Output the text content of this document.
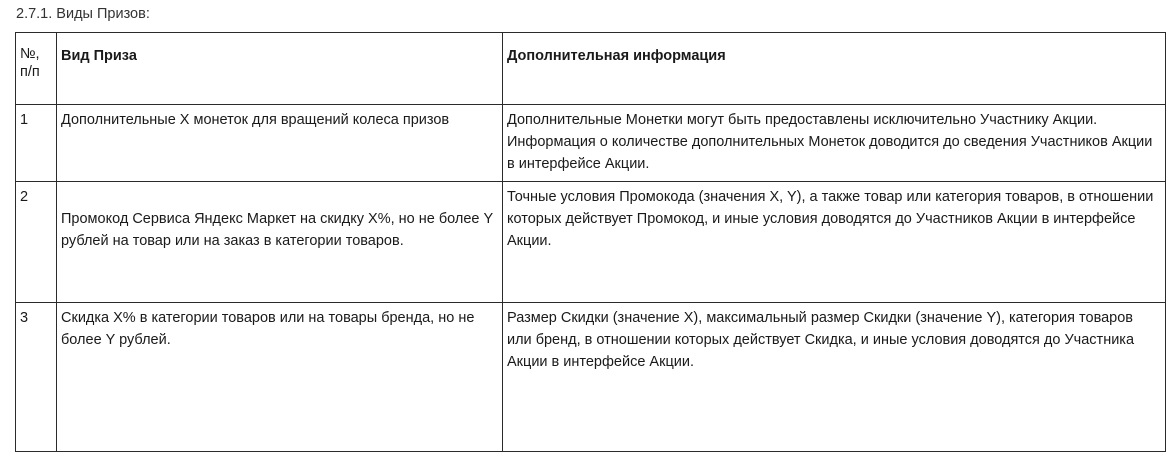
2.7.1. Виды Призов:
№, п/п	Вид Приза	Дополнительная информация
1	Дополнительные X монеток для вращений колеса призов	Дополнительные Монетки могут быть предоставлены исключительно Участнику Акции. Информация о количестве дополнительных Монеток доводится до сведения Участников Акции в интерфейсе Акции.
2	Промокод Сервиса Яндекс Маркет на скидку X%, но не более Y рублей на товар или на заказ в категории товаров.	Точные условия Промокода (значения X, Y), а также товар или категория товаров, в отношении которых действует Промокод, и иные условия доводятся до Участников Акции в интерфейсе Акции.
3	Скидка X% в категории товаров или на товары бренда, но не более Y рублей.	Размер Скидки (значение X), максимальный размер Скидки (значение Y), категория товаров или бренд, в отношении которых действует Скидка, и иные условия доводятся до Участника Акции в интерфейсе Акции.
